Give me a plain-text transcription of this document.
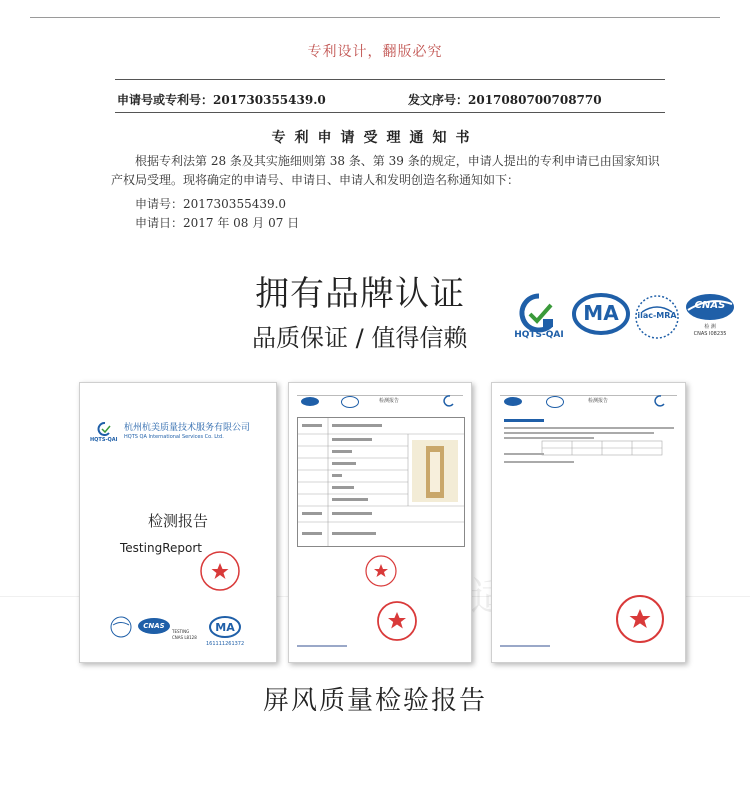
专利设计，翻版必究
申请号或专利号：201730355439.0	发文序号：2017080700708770
专利申请受理通知书
根据专利法第 28 条及其实施细则第 38 条、第 39 条的规定，申请人提出的专利申请已由国家知识产权局受理。现将确定的申请号、申请日、申请人和发明创造名称通知如下：
申请号：201730355439.0
申请日：2017 年 08 月 07 日
拥有品牌认证
品质保证 / 值得信赖	HQTS-QAI
MA	ilac-MRA
CNAS
检 测
CNAS I08235
HQTS-QAI
杭州杭美质量技术服务有限公司
HQTS QA International Services Co. Ltd.
检测报告
TestingReport
CNAS
TESTING
CNAS L8128
MA
161111261372
检测报告	检测报告
屏风质量检验报告
